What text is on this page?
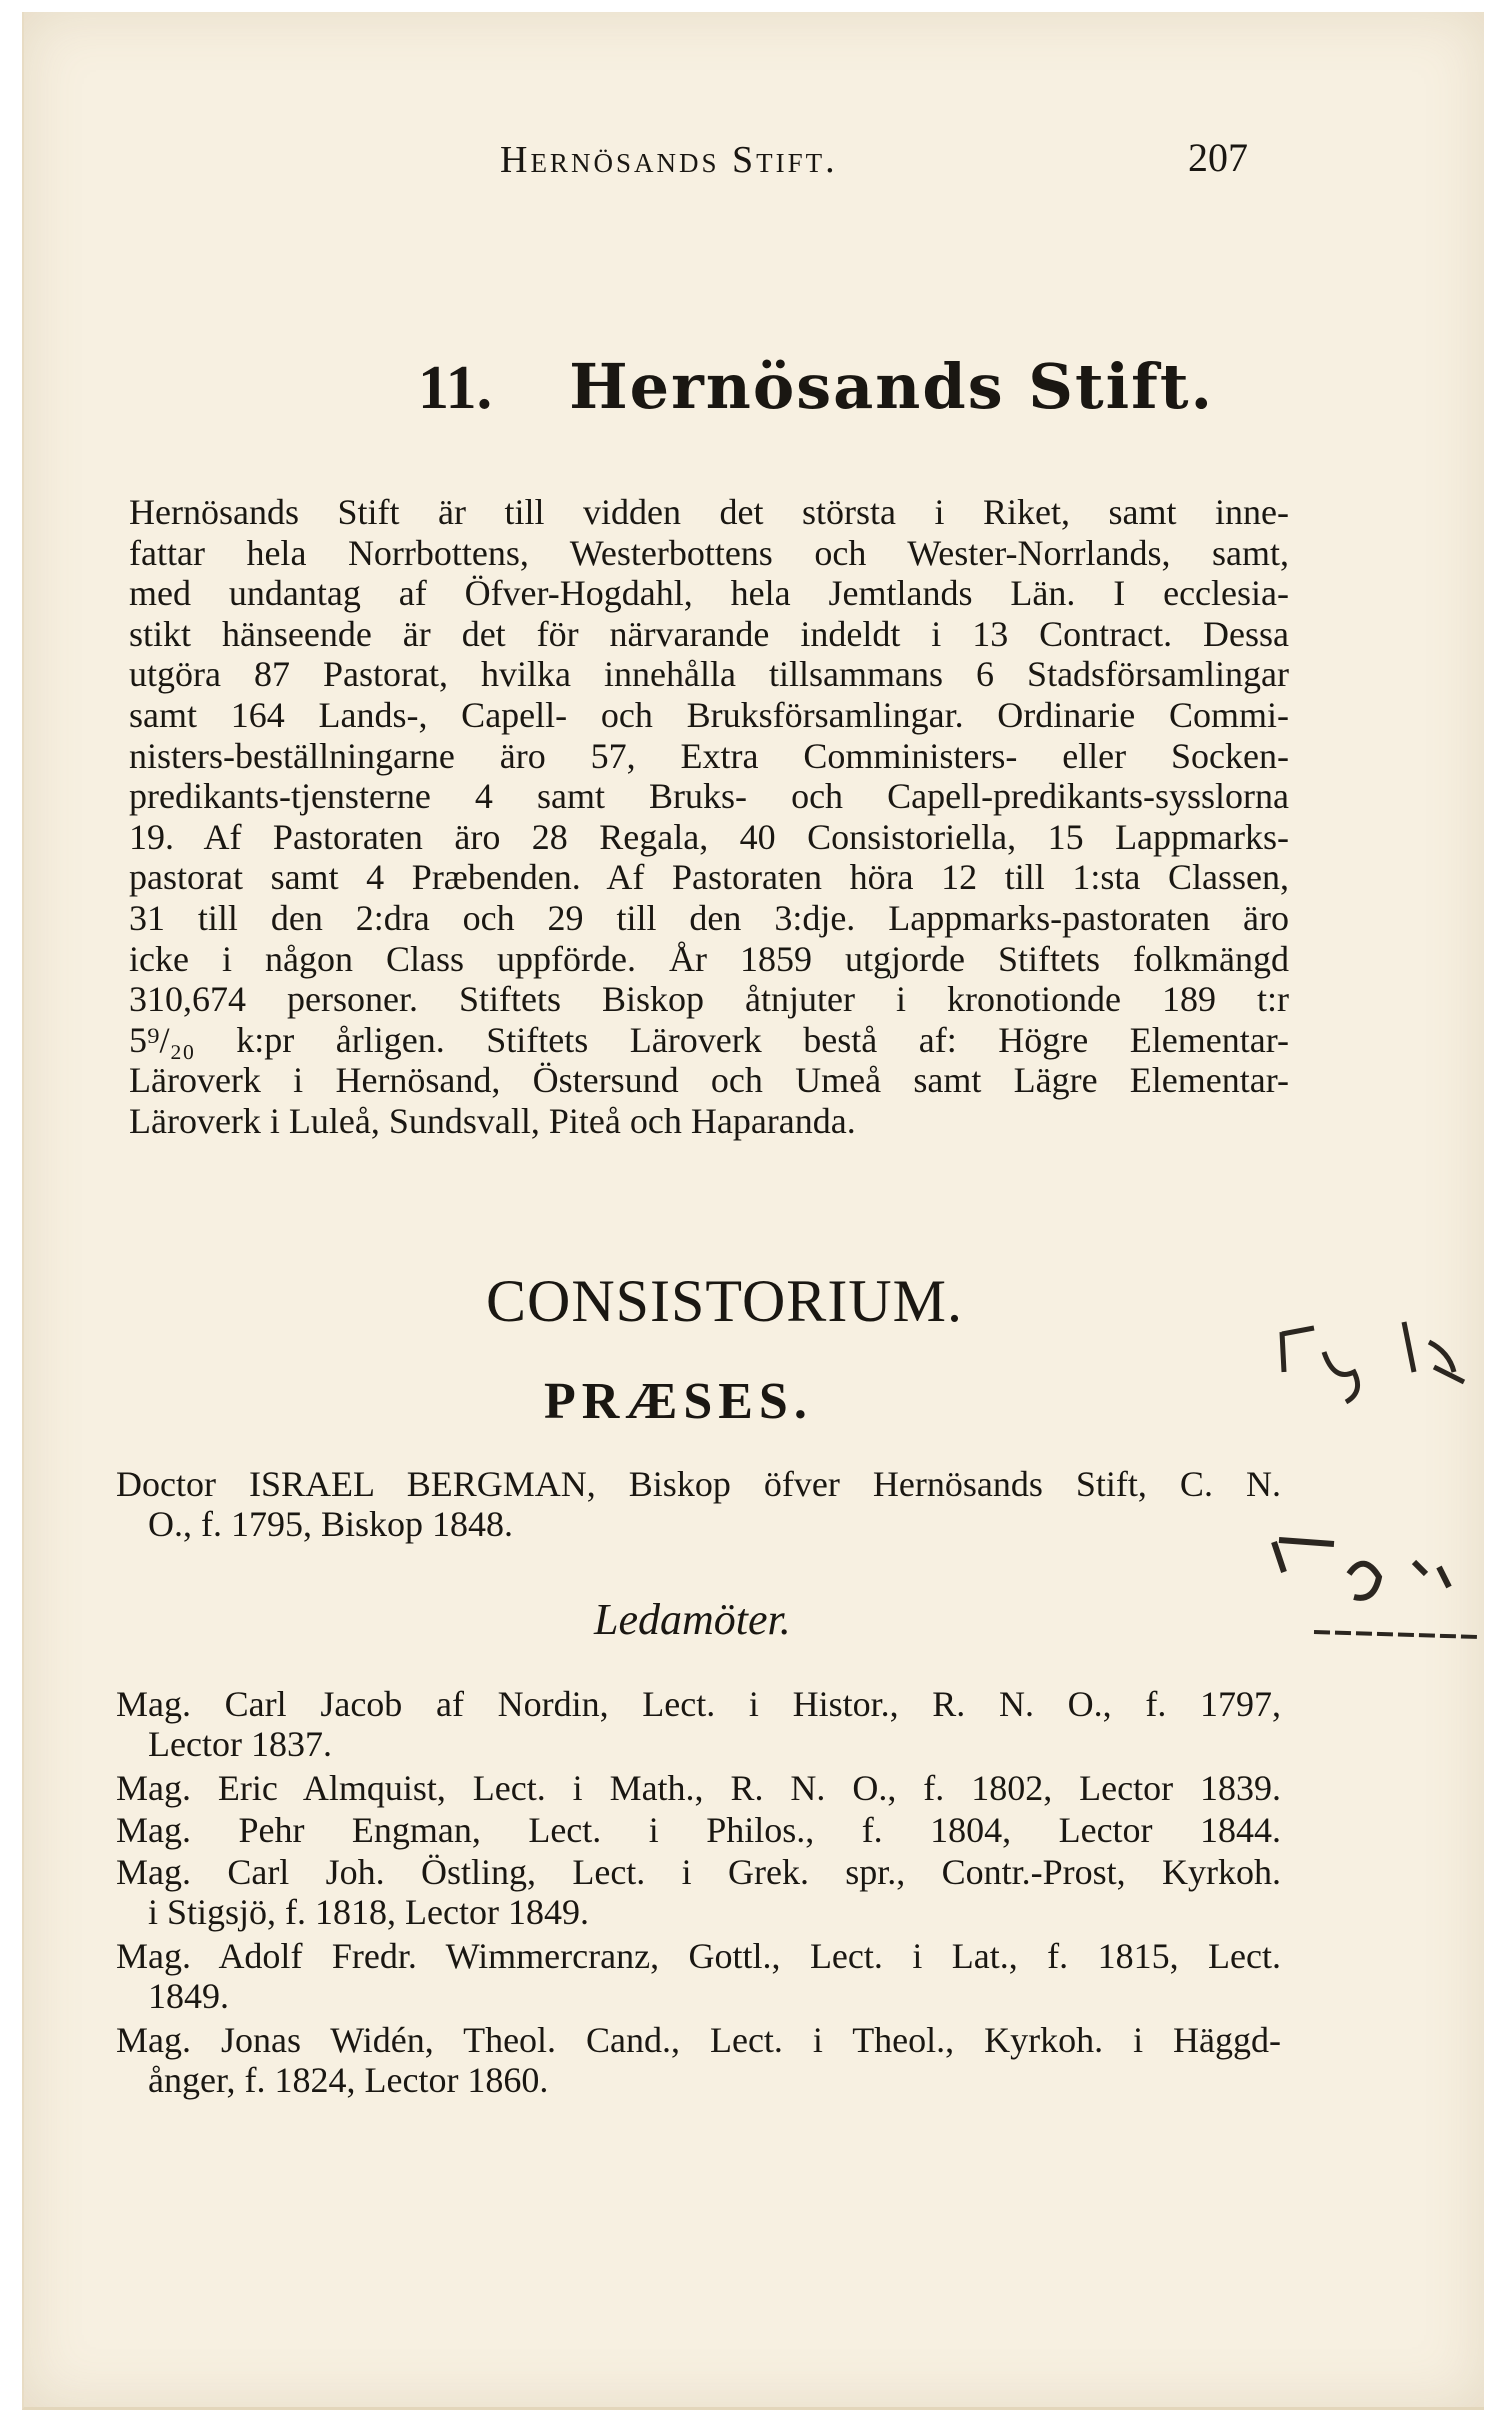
Hernösands Stift.	207
11. Hernösands Stift.
Hernösands Stift är till vidden det största i Riket, samt inne-
fattar hela Norrbottens, Westerbottens och Wester-Norrlands, samt,
med undantag af Öfver-Hogdahl, hela Jemtlands Län. I ecclesia-
stikt hänseende är det för närvarande indeldt i 13 Contract. Dessa
utgöra 87 Pastorat, hvilka innehålla tillsammans 6 Stadsförsamlingar
samt 164 Lands-, Capell- och Bruksförsamlingar. Ordinarie Commi-
nisters-beställningarne äro 57, Extra Comministers- eller Socken-
predikants-tjensterne 4 samt Bruks- och Capell-predikants-sysslorna
19. Af Pastoraten äro 28 Regala, 40 Consistoriella, 15 Lappmarks-
pastorat samt 4 Præbenden. Af Pastoraten höra 12 till 1:sta Classen,
31 till den 2:dra och 29 till den 3:dje. Lappmarks-pastoraten äro
icke i någon Class uppförde. År 1859 utgjorde Stiftets folkmängd
310,674 personer. Stiftets Biskop åtnjuter i kronotionde 189 t:r
5⁹/₂₀ k:pr årligen. Stiftets Läroverk bestå af: Högre Elementar-
Läroverk i Hernösand, Östersund och Umeå samt Lägre Elementar-
Läroverk i Luleå, Sundsvall, Piteå och Haparanda.
CONSISTORIUM.
PRÆSES.
Doctor ISRAEL BERGMAN, Biskop öfver Hernösands Stift, C. N.
O., f. 1795, Biskop 1848.
Ledamöter.
Mag. Carl Jacob af Nordin, Lect. i Histor., R. N. O., f. 1797,
Lector 1837.
Mag. Eric Almquist, Lect. i Math., R. N. O., f. 1802, Lector 1839.
Mag. Pehr Engman, Lect. i Philos., f. 1804, Lector 1844.
Mag. Carl Joh. Östling, Lect. i Grek. spr., Contr.-Prost, Kyrkoh.
i Stigsjö, f. 1818, Lector 1849.
Mag. Adolf Fredr. Wimmercranz, Gottl., Lect. i Lat., f. 1815, Lect.
1849.
Mag. Jonas Widén, Theol. Cand., Lect. i Theol., Kyrkoh. i Häggd-
ånger, f. 1824, Lector 1860.
